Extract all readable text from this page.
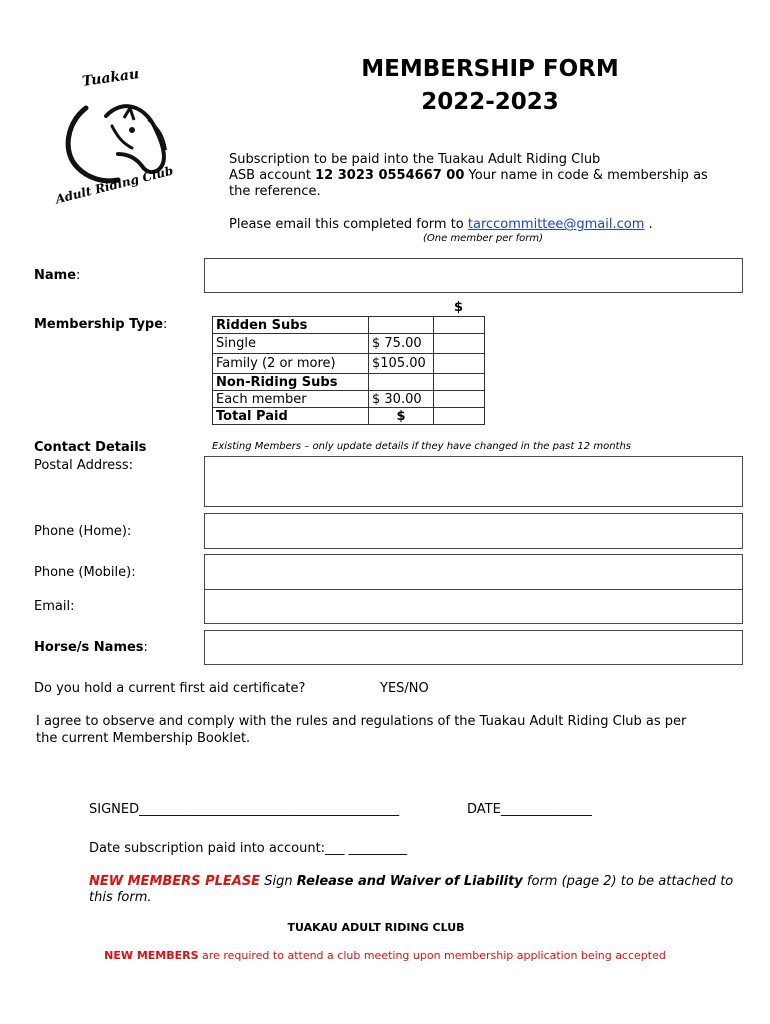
Tuakau
Adult Riding Club
MEMBERSHIP FORM
2022-2023
Subscription to be paid into the Tuakau Adult Riding Club
ASB account 12 3023 0554667 00 Your name in code & membership as
the reference.
Please email this completed form to tarccommittee@gmail.com .
(One member per form)
Name:
$
Membership Type:	Ridden Subs		
Single	$ 75.00	
Family (2 or more)	$105.00	
Non-Riding Subs		
Each member	$ 30.00	
Total Paid	$	
Contact Details	Existing Members – only update details if they have changed in the past 12 months
Postal Address:
Phone (Home):
Phone (Mobile):
Email:
Horse/s Names:
Do you hold a current first aid certificate?	YES/NO
I agree to observe and comply with the rules and regulations of the Tuakau Adult Riding Club as per
the current Membership Booklet.
SIGNED________________________________________	DATE______________
Date subscription paid into account:___ _________
NEW MEMBERS PLEASE Sign Release and Waiver of Liability form (page 2) to be attached to
this form.
TUAKAU ADULT RIDING CLUB
NEW MEMBERS are required to attend a club meeting upon membership application being accepted
